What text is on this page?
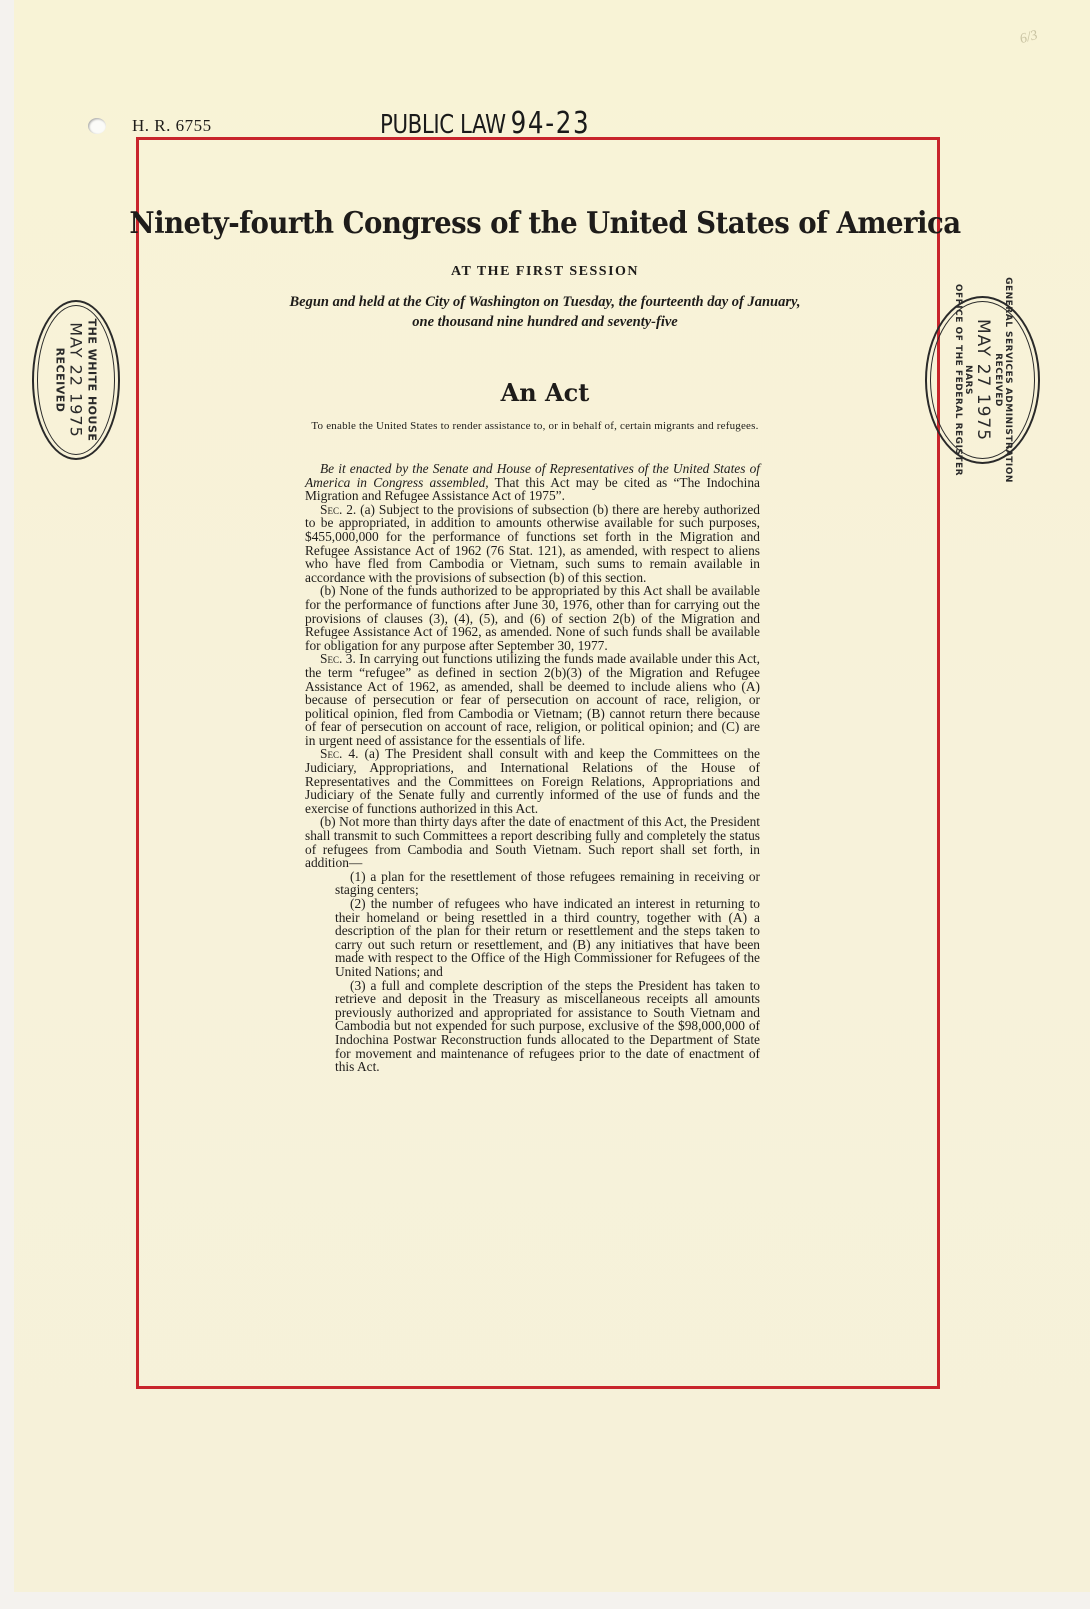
H. R. 6755	PUBLIC LAW 94-23
6/3
Ninety-fourth Congress of the United States of America
AT THE FIRST SESSION
Begun and held at the City of Washington on Tuesday, the fourteenth day of January,
one thousand nine hundred and seventy-five
An Act
To enable the United States to render assistance to, or in behalf of, certain migrants and refugees.

Be it enacted by the Senate and House of Representatives of the United States of America in Congress assembled, That this Act may be cited as “The Indochina Migration and Refugee Assistance Act of 1975”.

Sec. 2. (a) Subject to the provisions of subsection (b) there are hereby authorized to be appropriated, in addition to amounts otherwise available for such purposes, $455,000,000 for the performance of functions set forth in the Migration and Refugee Assistance Act of 1962 (76 Stat. 121), as amended, with respect to aliens who have fled from Cambodia or Vietnam, such sums to remain available in accordance with the provisions of subsection (b) of this section.

(b) None of the funds authorized to be appropriated by this Act shall be available for the performance of functions after June 30, 1976, other than for carrying out the provisions of clauses (3), (4), (5), and (6) of section 2(b) of the Migration and Refugee Assistance Act of 1962, as amended. None of such funds shall be available for obligation for any purpose after September 30, 1977.

Sec. 3. In carrying out functions utilizing the funds made available under this Act, the term “refugee” as defined in section 2(b)(3) of the Migration and Refugee Assistance Act of 1962, as amended, shall be deemed to include aliens who (A) because of persecution or fear of persecution on account of race, religion, or political opinion, fled from Cambodia or Vietnam; (B) cannot return there because of fear of persecution on account of race, religion, or political opinion; and (C) are in urgent need of assistance for the essentials of life.

Sec. 4. (a) The President shall consult with and keep the Committees on the Judiciary, Appropriations, and International Relations of the House of Representatives and the Committees on Foreign Relations, Appropriations and Judiciary of the Senate fully and currently informed of the use of funds and the exercise of functions authorized in this Act.

(b) Not more than thirty days after the date of enactment of this Act, the President shall transmit to such Committees a report describing fully and completely the status of refugees from Cambodia and South Vietnam. Such report shall set forth, in addition—

(1) a plan for the resettlement of those refugees remaining in receiving or staging centers;

(2) the number of refugees who have indicated an interest in returning to their homeland or being resettled in a third country, together with (A) a description of the plan for their return or resettlement and the steps taken to carry out such return or resettlement, and (B) any initiatives that have been made with respect to the Office of the High Commissioner for Refugees of the United Nations; and

(3) a full and complete description of the steps the President has taken to retrieve and deposit in the Treasury as miscellaneous receipts all amounts previously authorized and appropriated for assistance to South Vietnam and Cambodia but not expended for such purpose, exclusive of the $98,000,000 of Indochina Postwar Reconstruction funds allocated to the Department of State for movement and maintenance of refugees prior to the date of enactment of this Act.

THE WHITE HOUSE
MAY 22 1975
RECEIVED	GENERAL SERVICES ADMINISTRATION
RECEIVED
MAY 27 1975
NARS
OFFICE OF THE FEDERAL REGISTER
